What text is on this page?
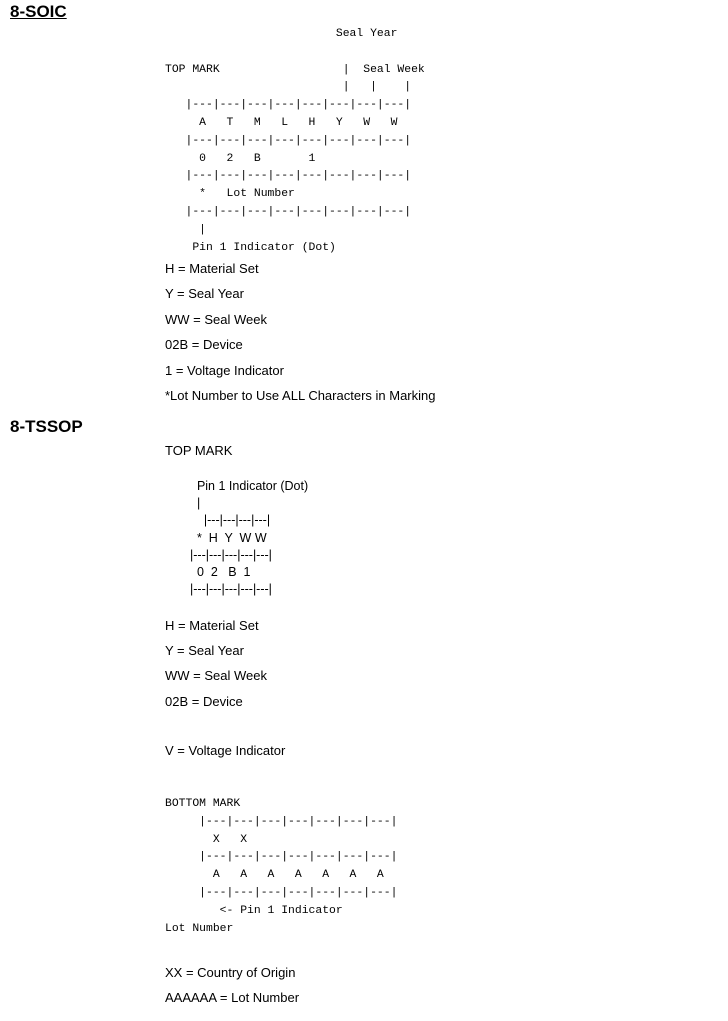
8-SOIC
Seal Year

TOP MARK                  |  Seal Week
|   |    |
|---|---|---|---|---|---|---|---|
A   T   M   L   H   Y   W   W
|---|---|---|---|---|---|---|---|
0   2   B       1
|---|---|---|---|---|---|---|---|
*   Lot Number
|---|---|---|---|---|---|---|---|
|
Pin 1 Indicator (Dot)
H = Material Set
Y = Seal Year
WW = Seal Week
02B = Device
1 = Voltage Indicator
*Lot Number to Use ALL Characters in Marking
8-TSSOP
TOP MARK
Pin 1 Indicator (Dot)
|
|---|---|---|---|
*  H  Y  W W
|---|---|---|---|---|
0  2   B  1
|---|---|---|---|---|
H = Material Set
Y = Seal Year
WW = Seal Week
02B = Device
V = Voltage Indicator
BOTTOM MARK
|---|---|---|---|---|---|---|
X   X
|---|---|---|---|---|---|---|
A   A   A   A   A   A   A
|---|---|---|---|---|---|---|
<- Pin 1 Indicator
Lot Number
XX = Country of Origin
AAAAAA = Lot Number
